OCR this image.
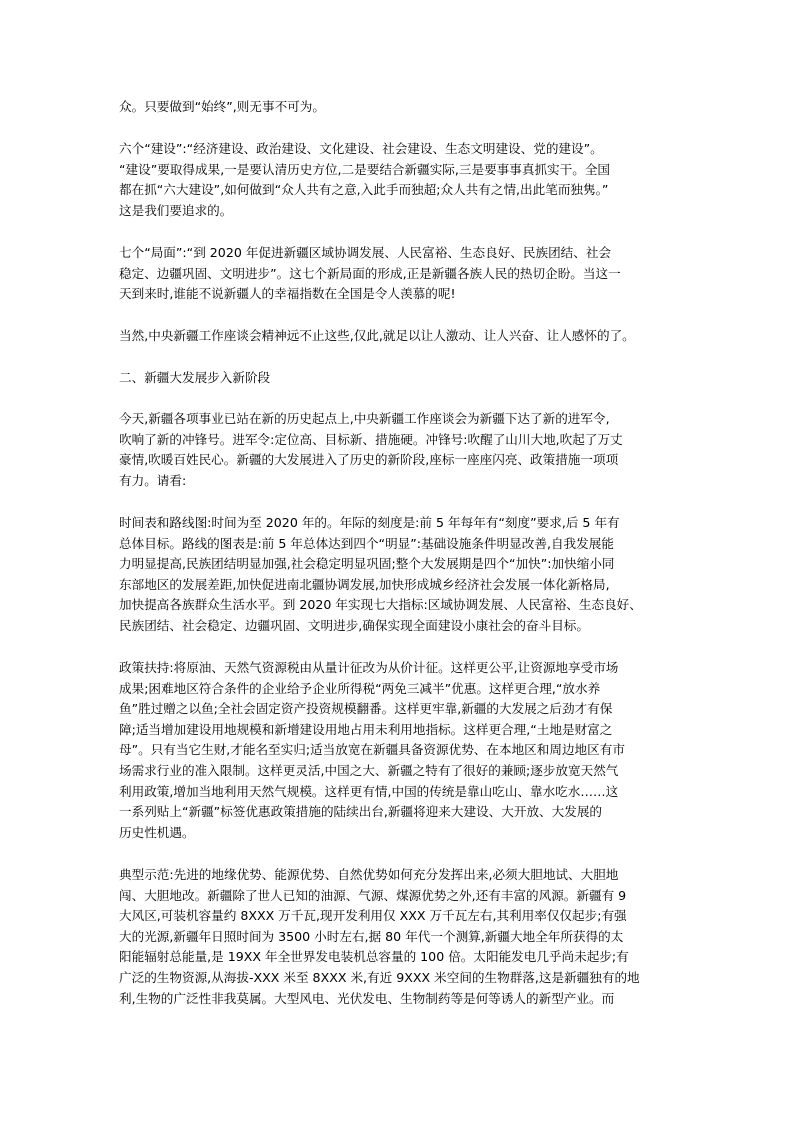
众。只要做到“始终”,则无事不可为。
六个“建设”:“经济建设、政治建设、文化建设、社会建设、生态文明建设、党的建设”。
“建设”要取得成果,一是要认清历史方位,二是要结合新疆实际,三是要事事真抓实干。全国
都在抓“六大建设”,如何做到“众人共有之意,入此手而独超;众人共有之情,出此笔而独隽。”
这是我们要追求的。
七个“局面”:“到 2020 年促进新疆区域协调发展、人民富裕、生态良好、民族团结、社会
稳定、边疆巩固、文明进步”。这七个新局面的形成,正是新疆各族人民的热切企盼。当这一
天到来时,谁能不说新疆人的幸福指数在全国是令人羡慕的呢!
当然,中央新疆工作座谈会精神远不止这些,仅此,就足以让人激动、让人兴奋、让人感怀的了。
二、新疆大发展步入新阶段
今天,新疆各项事业已站在新的历史起点上,中央新疆工作座谈会为新疆下达了新的进军令,
吹响了新的冲锋号。进军令:定位高、目标新、措施硬。冲锋号:吹醒了山川大地,吹起了万丈
豪情,吹暖百姓民心。新疆的大发展进入了历史的新阶段,座标一座座闪亮、政策措施一项项
有力。请看:
时间表和路线图:时间为至 2020 年的。年际的刻度是:前 5 年每年有“刻度”要求,后 5 年有
总体目标。路线的图表是:前 5 年总体达到四个“明显”:基础设施条件明显改善,自我发展能
力明显提高,民族团结明显加强,社会稳定明显巩固;整个大发展期是四个“加快”:加快缩小同
东部地区的发展差距,加快促进南北疆协调发展,加快形成城乡经济社会发展一体化新格局,
加快提高各族群众生活水平。到 2020 年实现七大指标:区域协调发展、人民富裕、生态良好、
民族团结、社会稳定、边疆巩固、文明进步,确保实现全面建设小康社会的奋斗目标。
政策扶持:将原油、天然气资源税由从量计征改为从价计征。这样更公平,让资源地享受市场
成果;困难地区符合条件的企业给予企业所得税“两免三减半”优惠。这样更合理,“放水养
鱼”胜过赠之以鱼;全社会固定资产投资规模翻番。这样更牢靠,新疆的大发展之后劲才有保
障;适当增加建设用地规模和新增建设用地占用未利用地指标。这样更合理,“土地是财富之
母”。只有当它生财,才能名至实归;适当放宽在新疆具备资源优势、在本地区和周边地区有市
场需求行业的准入限制。这样更灵活,中国之大、新疆之特有了很好的兼顾;逐步放宽天然气
利用政策,增加当地利用天然气规模。这样更有情,中国的传统是靠山吃山、靠水吃水……这
一系列贴上“新疆”标签优惠政策措施的陆续出台,新疆将迎来大建设、大开放、大发展的
历史性机遇。
典型示范:先进的地缘优势、能源优势、自然优势如何充分发挥出来,必须大胆地试、大胆地
闯、大胆地改。新疆除了世人已知的油源、气源、煤源优势之外,还有丰富的风源。新疆有 9
大风区,可装机容量约 8XXX 万千瓦,现开发利用仅 XXX 万千瓦左右,其利用率仅仅起步;有强
大的光源,新疆年日照时间为 3500 小时左右,据 80 年代一个测算,新疆大地全年所获得的太
阳能辐射总能量,是 19XX 年全世界发电装机总容量的 100 倍。太阳能发电几乎尚未起步;有
广泛的生物资源,从海拔-XXX 米至 8XXX 米,有近 9XXX 米空间的生物群落,这是新疆独有的地
利,生物的广泛性非我莫属。大型风电、光伏发电、生物制药等是何等诱人的新型产业。而
